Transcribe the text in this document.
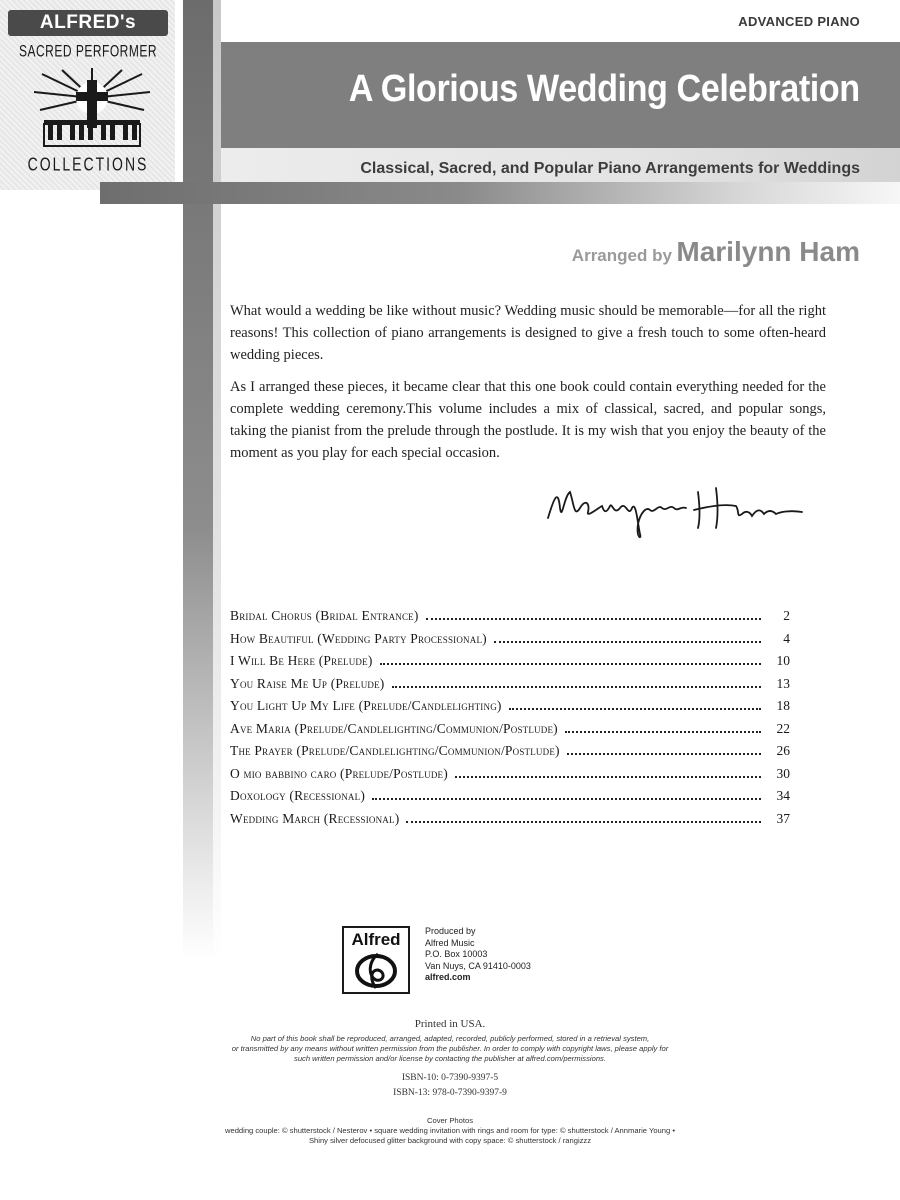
ALFRED's
SACRED PERFORMER
COLLECTIONS
ADVANCED PIANO
A Glorious Wedding Celebration
Classical, Sacred, and Popular Piano Arrangements for Weddings
Arranged by Marilynn Ham

What would a wedding be like without music? Wedding music should be memorable—for all the right reasons! This collection of piano arrangements is designed to give a fresh touch to some often-heard wedding pieces.

As I arranged these pieces, it became clear that this one book could contain everything needed for the complete wedding ceremony.This volume includes a mix of classical, sacred, and popular songs, taking the pianist from the prelude through the postlude. It is my wish that you enjoy the beauty of the moment as you play for each special occasion.

Bridal Chorus (Bridal Entrance)	2
How Beautiful (Wedding Party Processional)	4
I Will Be Here (Prelude)	10
You Raise Me Up (Prelude)	13
You Light Up My Life (Prelude/Candlelighting)	18
Ave Maria (Prelude/Candlelighting/Communion/Postlude)	22
The Prayer (Prelude/Candlelighting/Communion/Postlude)	26
O mio babbino caro (Prelude/Postlude)	30
Doxology (Recessional)	34
Wedding March (Recessional)	37
Alfred	Produced by
Alfred Music
P.O. Box 10003
Van Nuys, CA 91410-0003
alfred.com
Printed in USA.
No part of this book shall be reproduced, arranged, adapted, recorded, publicly performed, stored in a retrieval system,
or transmitted by any means without written permission from the publisher. In order to comply with copyright laws, please apply for
such written permission and/or license by contacting the publisher at alfred.com/permissions.
ISBN-10: 0-7390-9397-5
ISBN-13: 978-0-7390-9397-9
Cover Photos
wedding couple: © shutterstock / Nesterov • square wedding invitation with rings and room for type: © shutterstock / Annmarie Young •
Shiny silver defocused glitter background with copy space: © shutterstock / rangizzz
